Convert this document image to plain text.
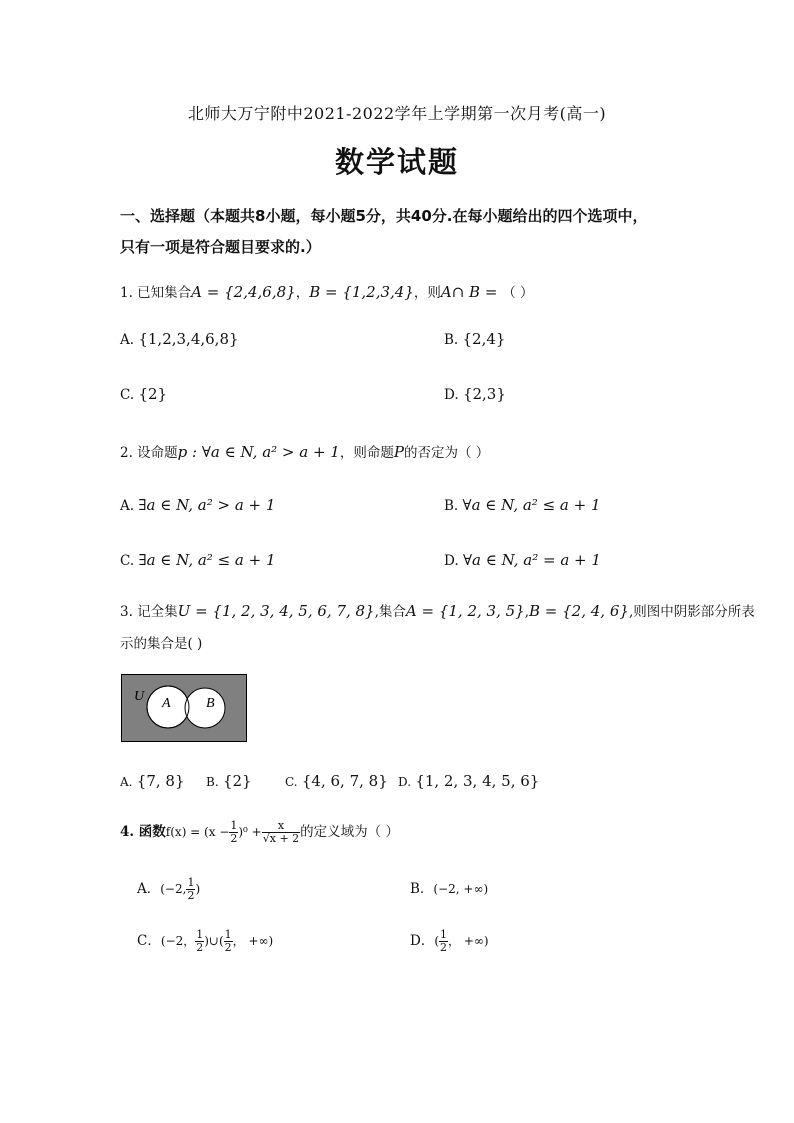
北师大万宁附中2021-2022学年上学期第一次月考(高一)
数学试题
一、选择题（本题共8小题，每小题5分，共40分.在每小题给出的四个选项中，
只有一项是符合题目要求的.）
1. 已知集合A = {2,4,6,8}，B = {1,2,3,4}，则A∩ B = （ ）
A. {1,2,3,4,6,8}	B. {2,4}
C. {2}	D. {2,3}
2. 设命题p : ∀a ∈ N, a² > a + 1，则命题P的否定为（ ）
A. ∃a ∈ N, a² > a + 1	B. ∀a ∈ N, a² ≤ a + 1
C. ∃a ∈ N, a² ≤ a + 1	D. ∀a ∈ N, a² = a + 1
3. 记全集U = {1, 2, 3, 4, 5, 6, 7, 8},集合A = {1, 2, 3, 5},B = {2, 4, 6},则图中阴影部分所表
示的集合是( )
U A	B
A. {7, 8} B. {2}	C. {4, 6, 7, 8} D. {1, 2, 3, 4, 5, 6}
4. 函数$f(x) = (x - \frac{1}{2} )^0 + \frac{x}{√x + 2}$ 的定义域为（ ）
A．(−2, $\frac{1}{2}$ )	B．(−2, +∞)
C．(−2， $\frac{1}{2}$ )∪( $\frac{1}{2}$ ， +∞)	D．( $\frac{1}{2}$ ， +∞)
